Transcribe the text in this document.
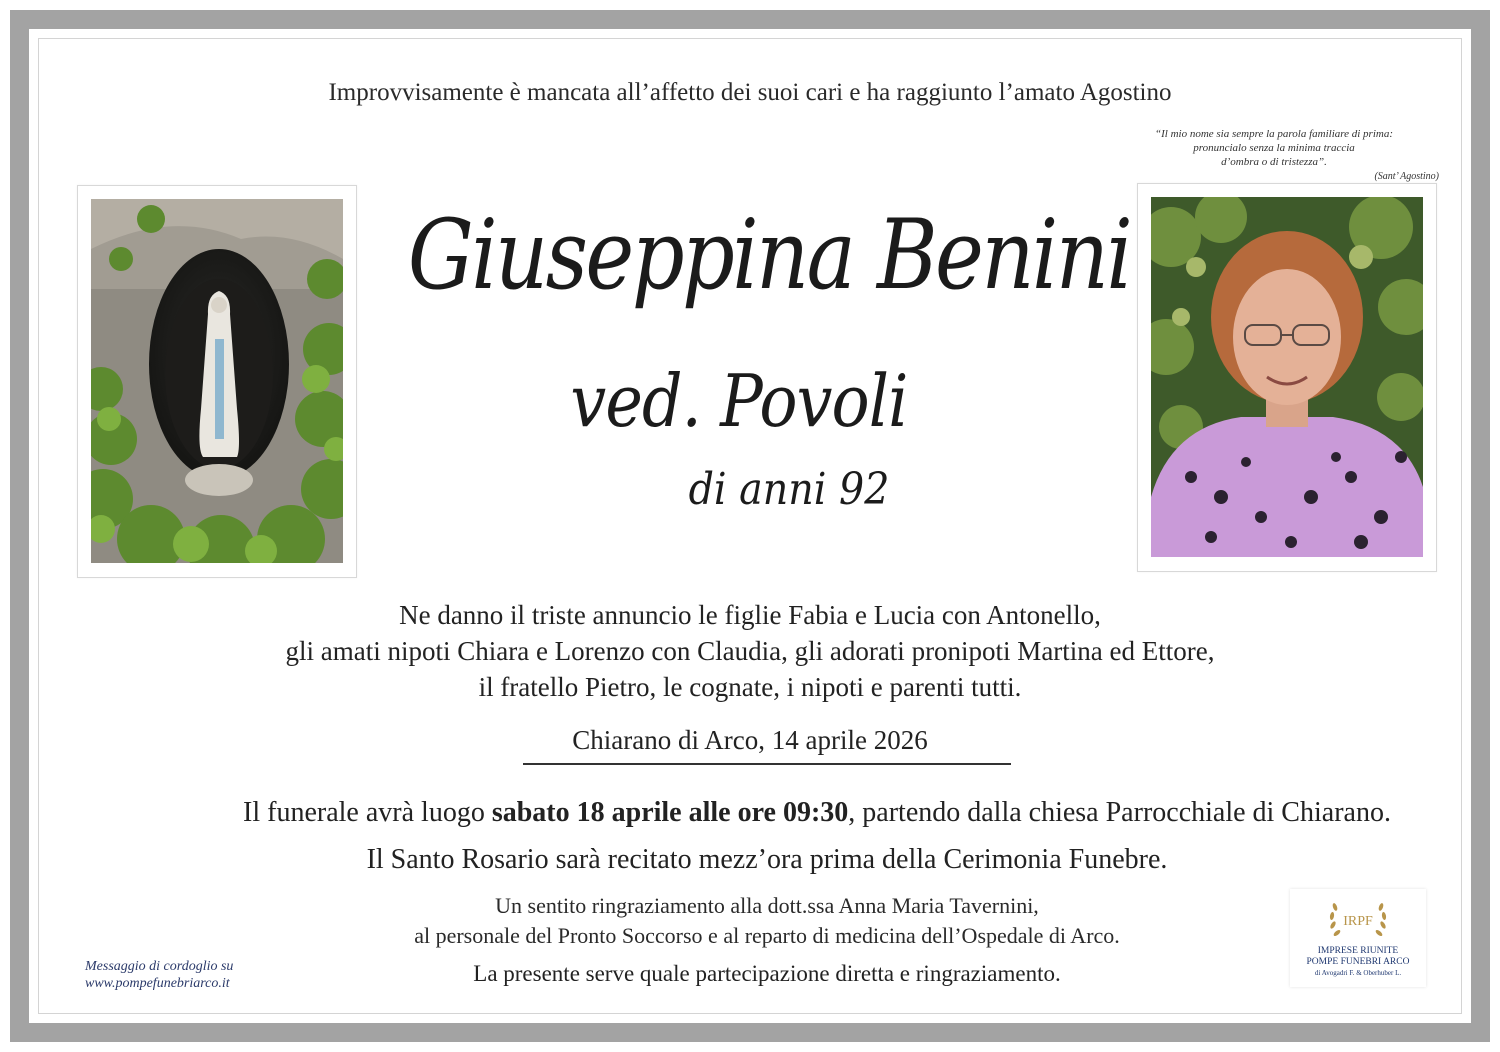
Improvvisamente è mancata all’affetto dei suoi cari e ha raggiunto l’amato Agostino
“Il mio nome sia sempre la parola familiare di prima:
pronuncialo senza la minima traccia
d’ombra o di tristezza”.
(Sant’ Agostino)
Giuseppina Benini
ved. Povoli
di anni 92
Ne danno il triste annuncio le figlie Fabia e Lucia con Antonello,
gli amati nipoti Chiara e Lorenzo con Claudia, gli adorati pronipoti Martina ed Ettore,
il fratello Pietro, le cognate, i nipoti e parenti tutti.
Chiarano di Arco, 14 aprile 2026
Il funerale avrà luogo sabato 18 aprile alle ore 09:30, partendo dalla chiesa Parrocchiale di Chiarano.
Il Santo Rosario sarà recitato mezz’ora prima della Cerimonia Funebre.
Un sentito ringraziamento alla dott.ssa Anna Maria Tavernini,
al personale del Pronto Soccorso e al reparto di medicina dell’Ospedale di Arco.
La presente serve quale partecipazione diretta e ringraziamento.
Messaggio di cordoglio su
www.pompefunebriarco.it
IRPF
IMPRESE RIUNITE
POMPE FUNEBRI ARCO
di Avogadri F. & Oberhuber L.
